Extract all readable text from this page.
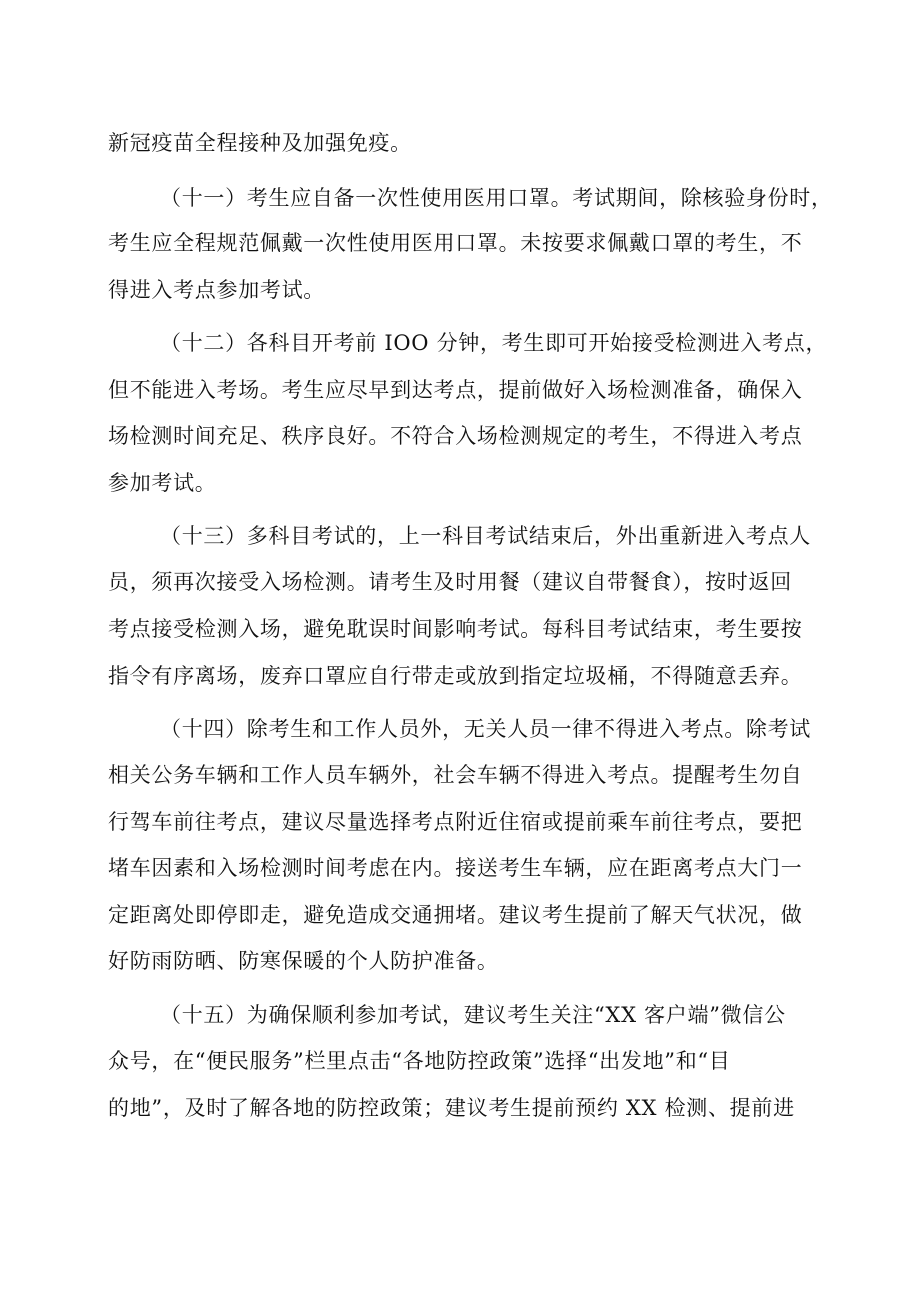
新冠疫苗全程接种及加强免疫。
（十一）考生应自备一次性使用医用口罩。考试期间，除核验身份时，
考生应全程规范佩戴一次性使用医用口罩。未按要求佩戴口罩的考生，不
得进入考点参加考试。
（十二）各科目开考前 IOO 分钟，考生即可开始接受检测进入考点，
但不能进入考场。考生应尽早到达考点，提前做好入场检测准备，确保入
场检测时间充足、秩序良好。不符合入场检测规定的考生，不得进入考点
参加考试。
（十三）多科目考试的，上一科目考试结束后，外出重新进入考点人
员，须再次接受入场检测。请考生及时用餐（建议自带餐食），按时返回
考点接受检测入场，避免耽误时间影响考试。每科目考试结束，考生要按
指令有序离场，废弃口罩应自行带走或放到指定垃圾桶，不得随意丢弃。
（十四）除考生和工作人员外，无关人员一律不得进入考点。除考试
相关公务车辆和工作人员车辆外，社会车辆不得进入考点。提醒考生勿自
行驾车前往考点，建议尽量选择考点附近住宿或提前乘车前往考点，要把
堵车因素和入场检测时间考虑在内。接送考生车辆，应在距离考点大门一
定距离处即停即走，避免造成交通拥堵。建议考生提前了解天气状况，做
好防雨防晒、防寒保暖的个人防护准备。
（十五）为确保顺利参加考试，建议考生关注“XX 客户端”微信公
众号，在“便民服务”栏里点击“各地防控政策”选择“出发地”和“目
的地”，及时了解各地的防控政策；建议考生提前预约 XX 检测、提前进
